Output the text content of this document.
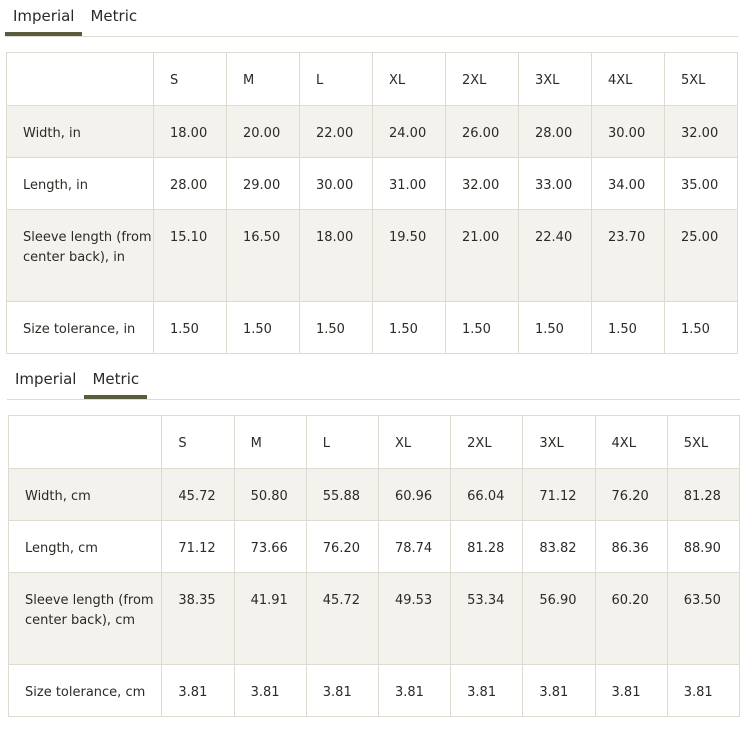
Imperial	Metric
	S	M	L	XL	2XL	3XL	4XL	5XL
Width, in	18.00	20.00	22.00	24.00	26.00	28.00	30.00	32.00
Length, in	28.00	29.00	30.00	31.00	32.00	33.00	34.00	35.00
Sleeve length (from center back), in	15.10	16.50	18.00	19.50	21.00	22.40	23.70	25.00
Size tolerance, in	1.50	1.50	1.50	1.50	1.50	1.50	1.50	1.50
Imperial	Metric
	S	M	L	XL	2XL	3XL	4XL	5XL
Width, cm	45.72	50.80	55.88	60.96	66.04	71.12	76.20	81.28
Length, cm	71.12	73.66	76.20	78.74	81.28	83.82	86.36	88.90
Sleeve length (from center back), cm	38.35	41.91	45.72	49.53	53.34	56.90	60.20	63.50
Size tolerance, cm	3.81	3.81	3.81	3.81	3.81	3.81	3.81	3.81
